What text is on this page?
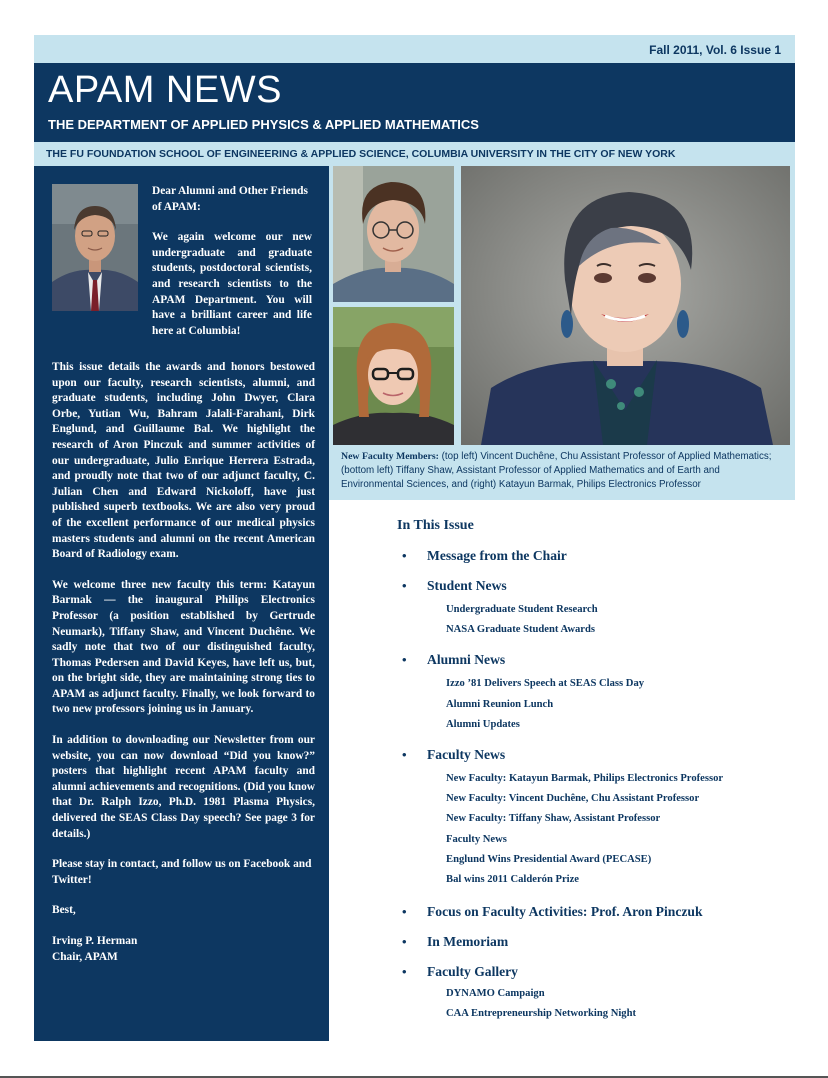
Fall 2011, Vol. 6 Issue 1
APAM NEWS
THE DEPARTMENT OF APPLIED PHYSICS & APPLIED MATHEMATICS
THE FU FOUNDATION SCHOOL OF ENGINEERING & APPLIED SCIENCE, COLUMBIA UNIVERSITY IN THE CITY OF NEW YORK

Dear Alumni and Other Friends of APAM:

We again welcome our new undergraduate and graduate students, postdoctoral scientists, and research scientists to the APAM Department. You will have a brilliant career and life here at Columbia!

This issue details the awards and honors bestowed upon our faculty, research scientists, alumni, and graduate students, including John Dwyer, Clara Orbe, Yutian Wu, Bahram Jalali-Farahani, Dirk Englund, and Guillaume Bal. We highlight the research of Aron Pinczuk and summer activities of our undergraduate, Julio Enrique Herrera Estrada, and proudly note that two of our adjunct faculty, C. Julian Chen and Edward Nickoloff, have just published superb textbooks. We are also very proud of the excellent performance of our medical physics masters students and alumni on the recent American Board of Radiology exam.

We welcome three new faculty this term: Katayun Barmak — the inaugural Philips Electronics Professor (a position established by Gertrude Neumark), Tiffany Shaw, and Vincent Duchêne. We sadly note that two of our distinguished faculty, Thomas Pedersen and David Keyes, have left us, but, on the bright side, they are maintaining strong ties to APAM as adjunct faculty. Finally, we look forward to two new professors joining us in January.

In addition to downloading our Newsletter from our website, you can now download “Did you know?” posters that highlight recent APAM faculty and alumni achievements and recognitions. (Did you know that Dr. Ralph Izzo, Ph.D. 1981 Plasma Physics, delivered the SEAS Class Day speech? See page 3 for details.)

Please stay in contact, and follow us on Facebook and Twitter!

Best,

Irving P. Herman
Chair, APAM
New Faculty Members: (top left) Vincent Duchêne, Chu Assistant Professor of Applied Mathematics; (bottom left) Tiffany Shaw, Assistant Professor of Applied Mathematics and of Earth and Environmental Sciences, and (right) Katayun Barmak, Philips Electronics Professor
In This Issue
• Message from the Chair
• Student News
Undergraduate Student Research
NASA Graduate Student Awards
• Alumni News
Izzo ’81 Delivers Speech at SEAS Class Day
Alumni Reunion Lunch
Alumni Updates
• Faculty News
New Faculty: Katayun Barmak, Philips Electronics Professor
New Faculty: Vincent Duchêne, Chu Assistant Professor
New Faculty: Tiffany Shaw, Assistant Professor
Faculty News
Englund Wins Presidential Award (PECASE)
Bal wins 2011 Calderón Prize
• Focus on Faculty Activities: Prof. Aron Pinczuk
• In Memoriam
• Faculty Gallery
DYNAMO Campaign
CAA Entrepreneurship Networking Night
